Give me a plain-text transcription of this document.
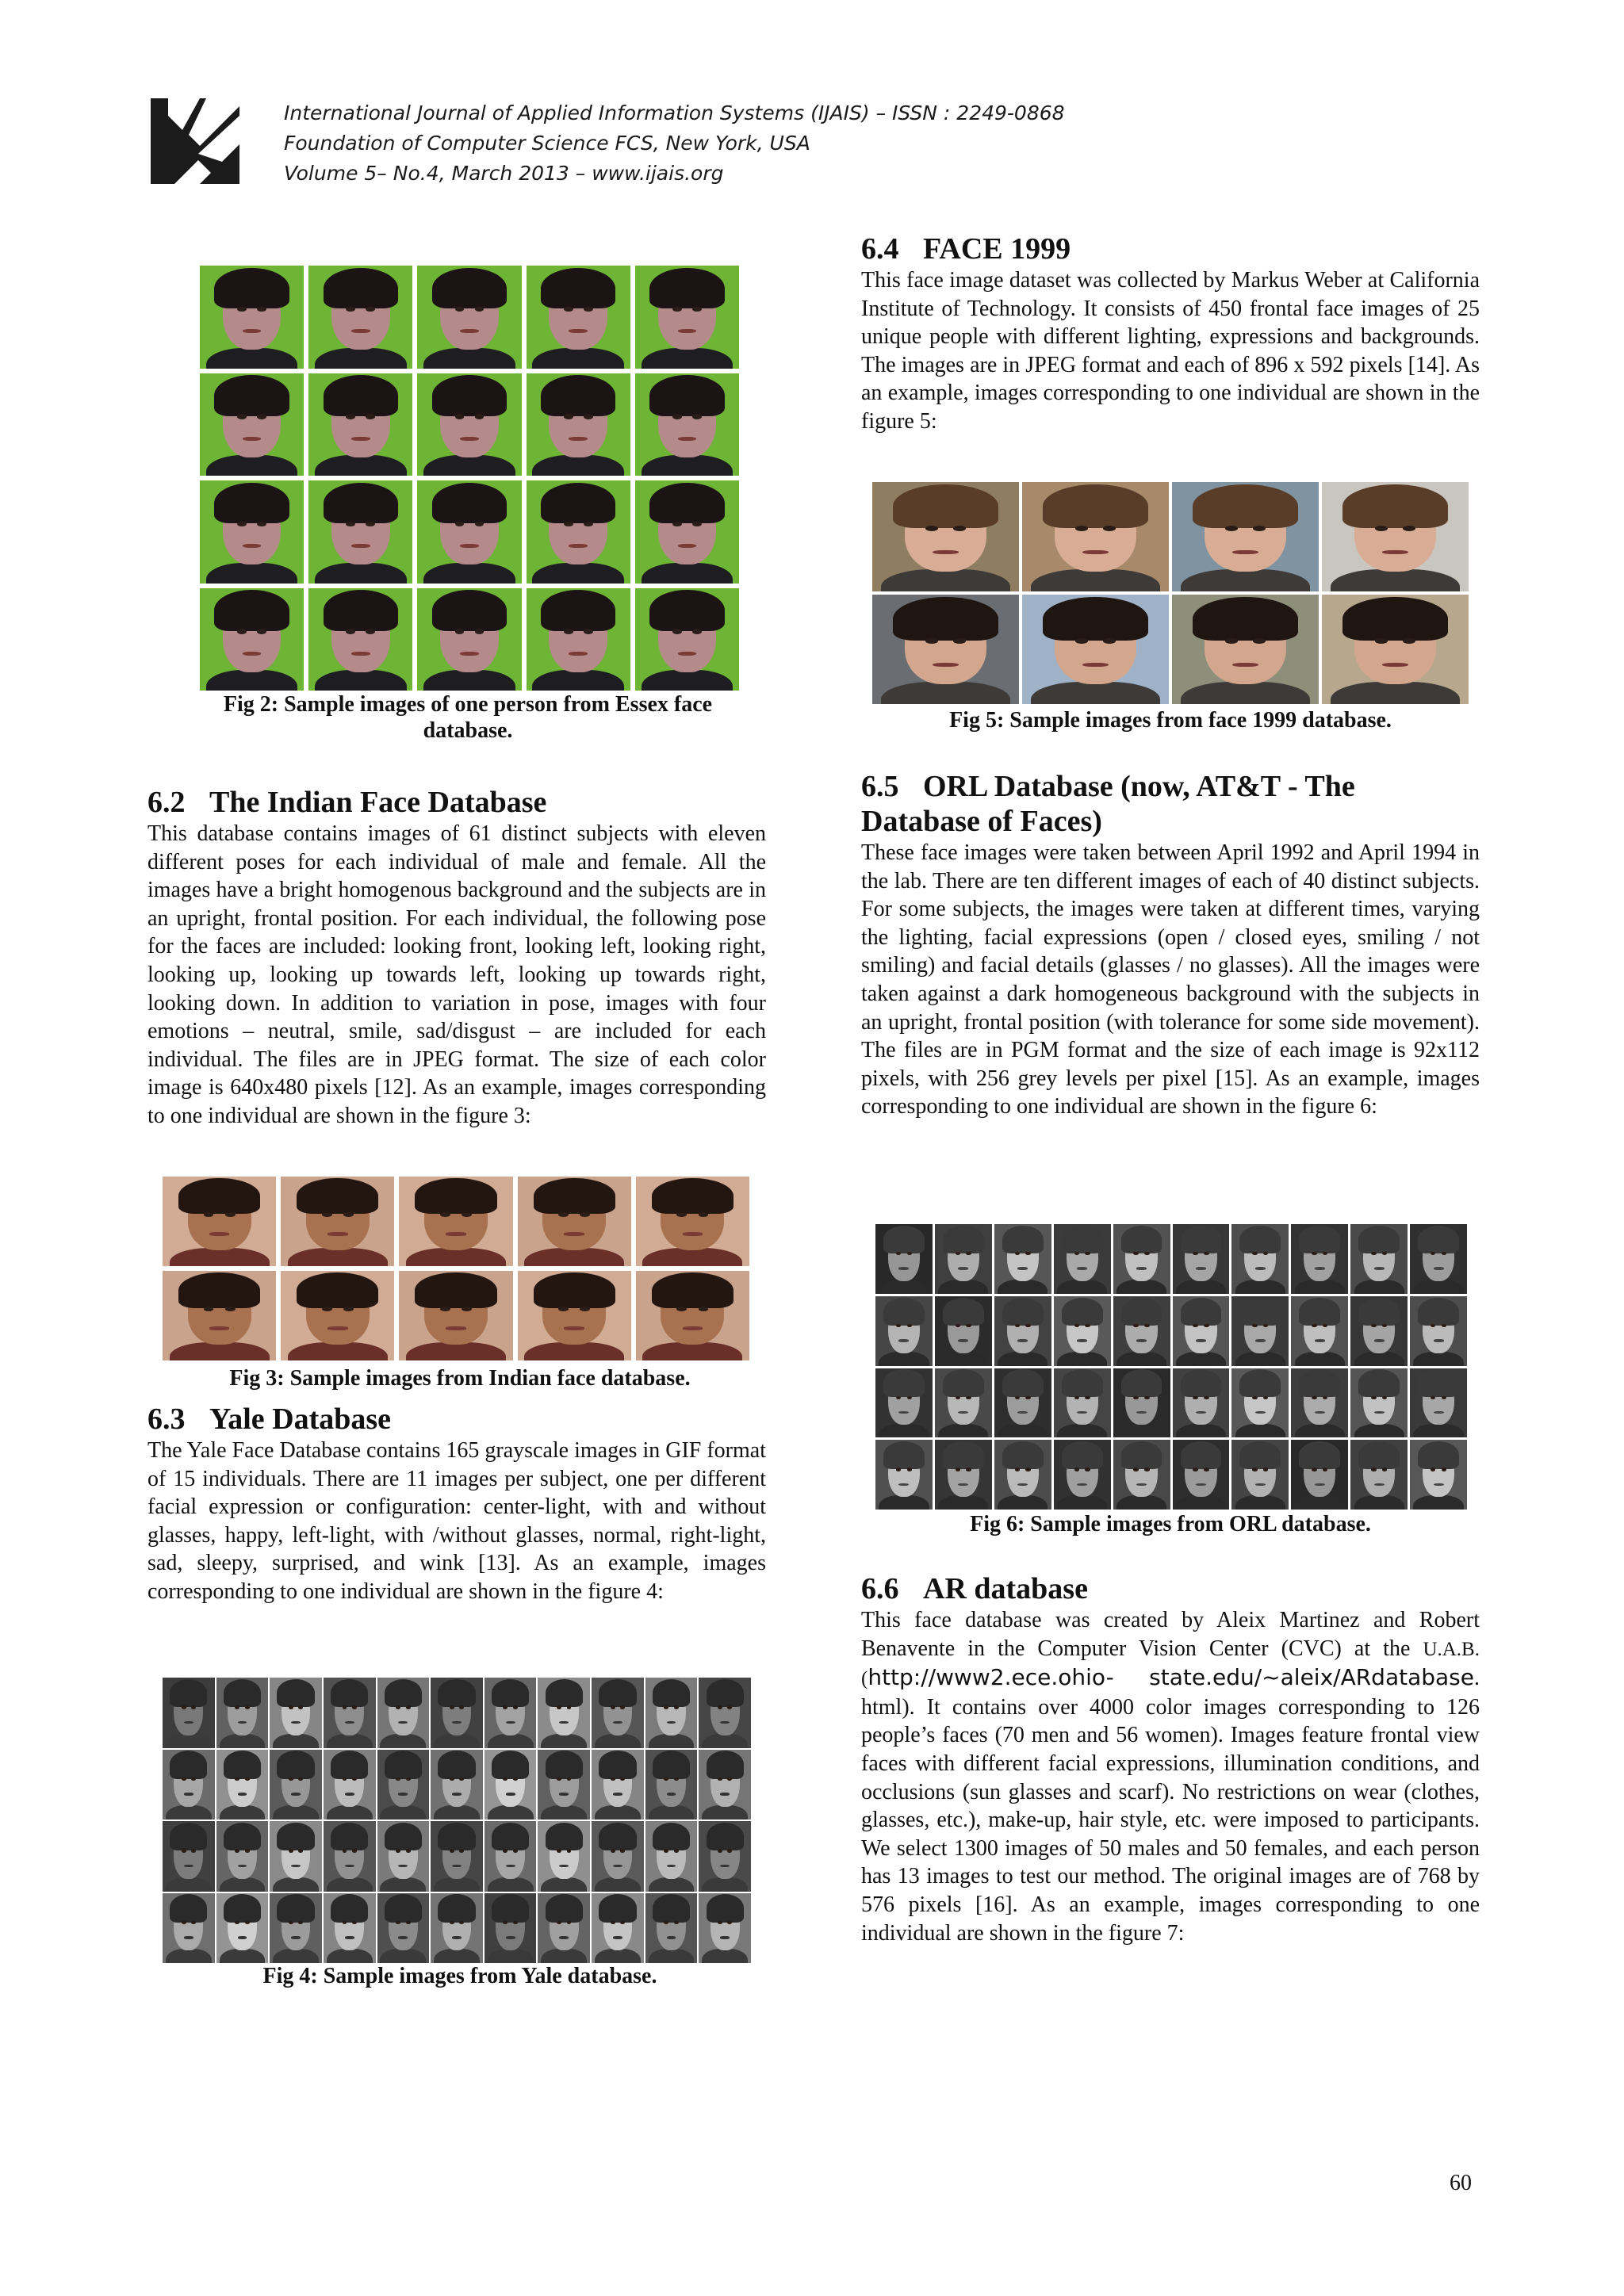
International Journal of Applied Information Systems (IJAIS) – ISSN : 2249-0868
Foundation of Computer Science FCS, New York, USA
Volume 5– No.4, March 2013 – www.ijais.org
Fig 2: Sample images of one person from Essex face
database.
6.2 The Indian Face Database

This database contains images of 61 distinct subjects with eleven different poses for each individual of male and female. All the images have a bright homogenous background and the subjects are in an upright, frontal position. For each individual, the following pose for the faces are included: looking front, looking left, looking right, looking up, looking up towards left, looking up towards right, looking down. In addition to variation in pose, images with four emotions – neutral, smile, sad/disgust – are included for each individual. The files are in JPEG format. The size of each color image is 640x480 pixels [12]. As an example, images corresponding to one individual are shown in the figure 3:

Fig 3: Sample images from Indian face database.
6.3 Yale Database

The Yale Face Database contains 165 grayscale images in GIF format of 15 individuals. There are 11 images per subject, one per different facial expression or configuration: center-light, with and without glasses, happy, left-light, with /without glasses, normal, right-light, sad, sleepy, surprised, and wink [13]. As an example, images corresponding to one individual are shown in the figure 4:

Fig 4: Sample images from Yale database.
6.4 FACE 1999

This face image dataset was collected by Markus Weber at California Institute of Technology. It consists of 450 frontal face images of 25 unique people with different lighting, expressions and backgrounds. The images are in JPEG format and each of 896 x 592 pixels [14]. As an example, images corresponding to one individual are shown in the figure 5:

Fig 5: Sample images from face 1999 database.
6.5 ORL Database (now, AT&T - The
Database of Faces)

These face images were taken between April 1992 and April 1994 in the lab. There are ten different images of each of 40 distinct subjects. For some subjects, the images were taken at different times, varying the lighting, facial expressions (open / closed eyes, smiling / not smiling) and facial details (glasses / no glasses). All the images were taken against a dark homogeneous background with the subjects in an upright, frontal position (with tolerance for some side movement). The files are in PGM format and the size of each image is 92x112 pixels, with 256 grey levels per pixel [15]. As an example, images corresponding to one individual are shown in the figure 6:

Fig 6: Sample images from ORL database.
6.6 AR database

This face database was created by Aleix Martinez and Robert Benavente in the Computer Vision Center (CVC) at the U.A.B.(http://www2.ece.ohio- state.edu/~aleix/ARdatabase. html). It contains over 4000 color images corresponding to 126 people’s faces (70 men and 56 women). Images feature frontal view faces with different facial expressions, illumination conditions, and occlusions (sun glasses and scarf). No restrictions on wear (clothes, glasses, etc.), make-up, hair style, etc. were imposed to participants. We select 1300 images of 50 males and 50 females, and each person has 13 images to test our method. The original images are of 768 by 576 pixels [16]. As an example, images corresponding to one individual are shown in the figure 7:

60
